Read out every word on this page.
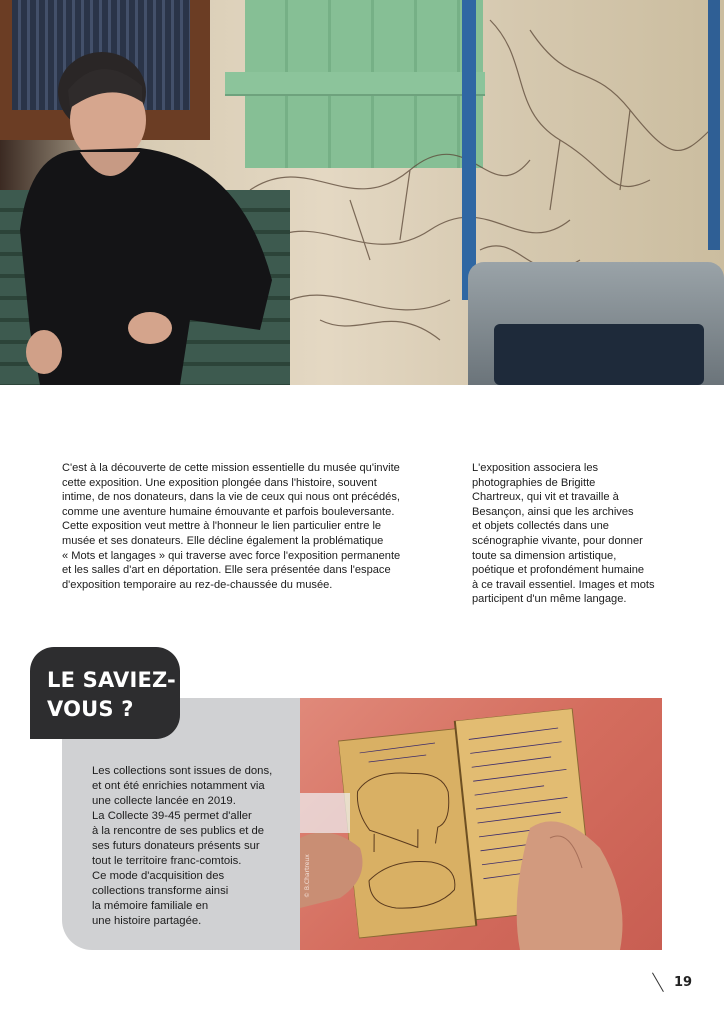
C'est à la découverte de cette mission essentielle du musée qu'invite
cette exposition. Une exposition plongée dans l'histoire, souvent
intime, de nos donateurs, dans la vie de ceux qui nous ont précédés,
comme une aventure humaine émouvante et parfois bouleversante.
Cette exposition veut mettre à l'honneur le lien particulier entre le
musée et ses donateurs. Elle décline également la problématique
« Mots et langages » qui traverse avec force l'exposition permanente
et les salles d'art en déportation. Elle sera présentée dans l'espace
d'exposition temporaire au rez-de-chaussée du musée.

L'exposition associera les
photographies de Brigitte
Chartreux, qui vit et travaille à
Besançon, ainsi que les archives
et objets collectés dans une
scénographie vivante, pour donner
toute sa dimension artistique,
poétique et profondément humaine
à ce travail essentiel. Images et mots
participent d'un même langage.

LE SAVIEZ-
VOUS ?

Les collections sont issues de dons,
et ont été enrichies notamment via
une collecte lancée en 2019.
La Collecte 39-45 permet d'aller
à la rencontre de ses publics et de
ses futurs donateurs présents sur
tout le territoire franc-comtois.
Ce mode d'acquisition des
collections transforme ainsi
la mémoire familiale en
une histoire partagée.

© B.Chartreux
19
